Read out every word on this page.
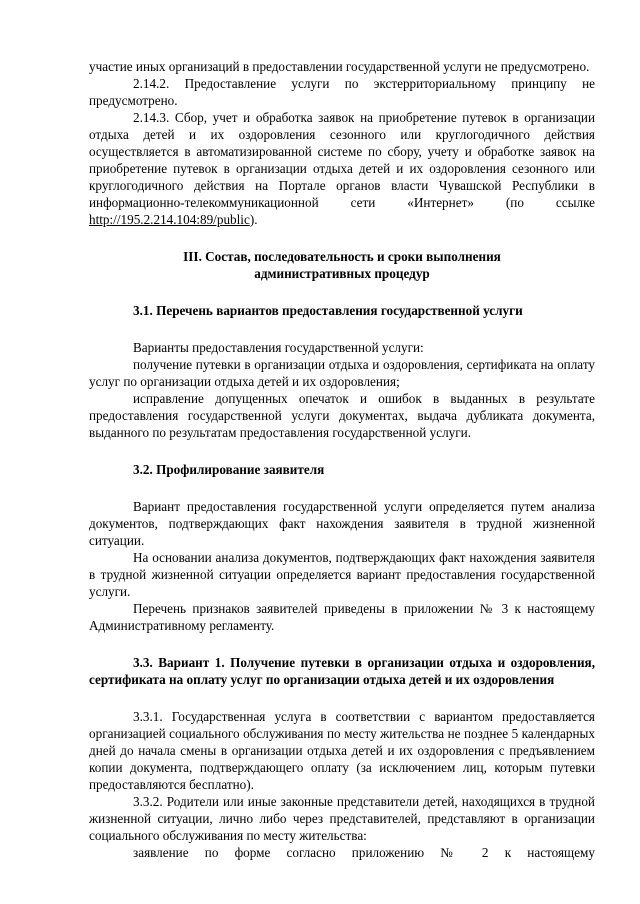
участие иных организаций в предоставлении государственной услуги не предусмотрено.

2.14.2. Предоставление услуги по экстерриториальному принципу не предусмотрено.

2.14.3. Сбор, учет и обработка заявок на приобретение путевок в организации отдыха детей и их оздоровления сезонного или круглогодичного действия осуществляется в автоматизированной системе по сбору, учету и обработке заявок на приобретение путевок в организации отдыха детей и их оздоровления сезонного или круглогодичного действия на Портале органов власти Чувашской Республики в информационно-телекоммуникационной сети «Интернет» (по ссылке http://195.2.214.104:89/public).

III. Состав, последовательность и сроки выполнения административных процедур

3.1. Перечень вариантов предоставления государственной услуги

Варианты предоставления государственной услуги:

получение путевки в организации отдыха и оздоровления, сертификата на оплату услуг по организации отдыха детей и их оздоровления;

исправление допущенных опечаток и ошибок в выданных в результате предоставления государственной услуги документах, выдача дубликата документа, выданного по результатам предоставления государственной услуги.

3.2. Профилирование заявителя

Вариант предоставления государственной услуги определяется путем анализа документов, подтверждающих факт нахождения заявителя в трудной жизненной ситуации.

На основании анализа документов, подтверждающих факт нахождения заявителя в трудной жизненной ситуации определяется вариант предоставления государственной услуги.

Перечень признаков заявителей приведены в приложении № 3 к настоящему Административному регламенту.

3.3. Вариант 1. Получение путевки в организации отдыха и оздоровления, сертификата на оплату услуг по организации отдыха детей и их оздоровления

3.3.1. Государственная услуга в соответствии с вариантом предоставляется организацией социального обслуживания по месту жительства не позднее 5 календарных дней до начала смены в организации отдыха детей и их оздоровления с предъявлением копии документа, подтверждающего оплату (за исключением лиц, которым путевки предоставляются бесплатно).

3.3.2. Родители или иные законные представители детей, находящихся в трудной жизненной ситуации, лично либо через представителей, представляют в организации социального обслуживания по месту жительства:

заявление по форме согласно приложению № 2 к настоящему
